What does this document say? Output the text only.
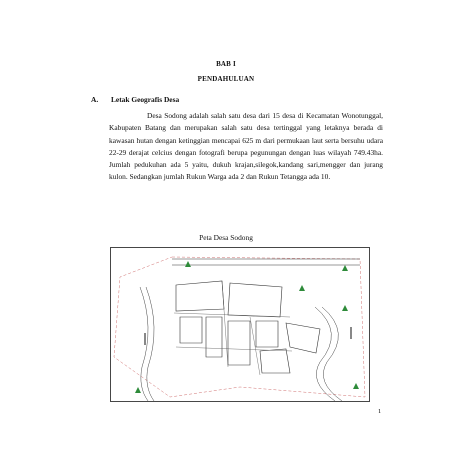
BAB I
PENDAHULUAN
A. Letak Geografis Desa
Desa Sodong adalah salah satu desa dari 15 desa di Kecamatan Wonotunggal, Kabupaten Batang dan merupakan salah satu desa tertinggal yang letaknya berada di kawasan hutan dengan ketinggian mencapai 625 m dari permukaan laut serta bersuhu udara 22-29 derajat celcius dengan fotografi berupa pegunungan dengan luas wilayah 749.43ha. Jumlah pedukuhan ada 5 yaitu, dukuh krajan,silegok,kandang sari,mengger dan jurang kulon. Sedangkan jumlah Rukun Warga ada 2 dan Rukun Tetangga ada 10.
Peta Desa Sodong
1
